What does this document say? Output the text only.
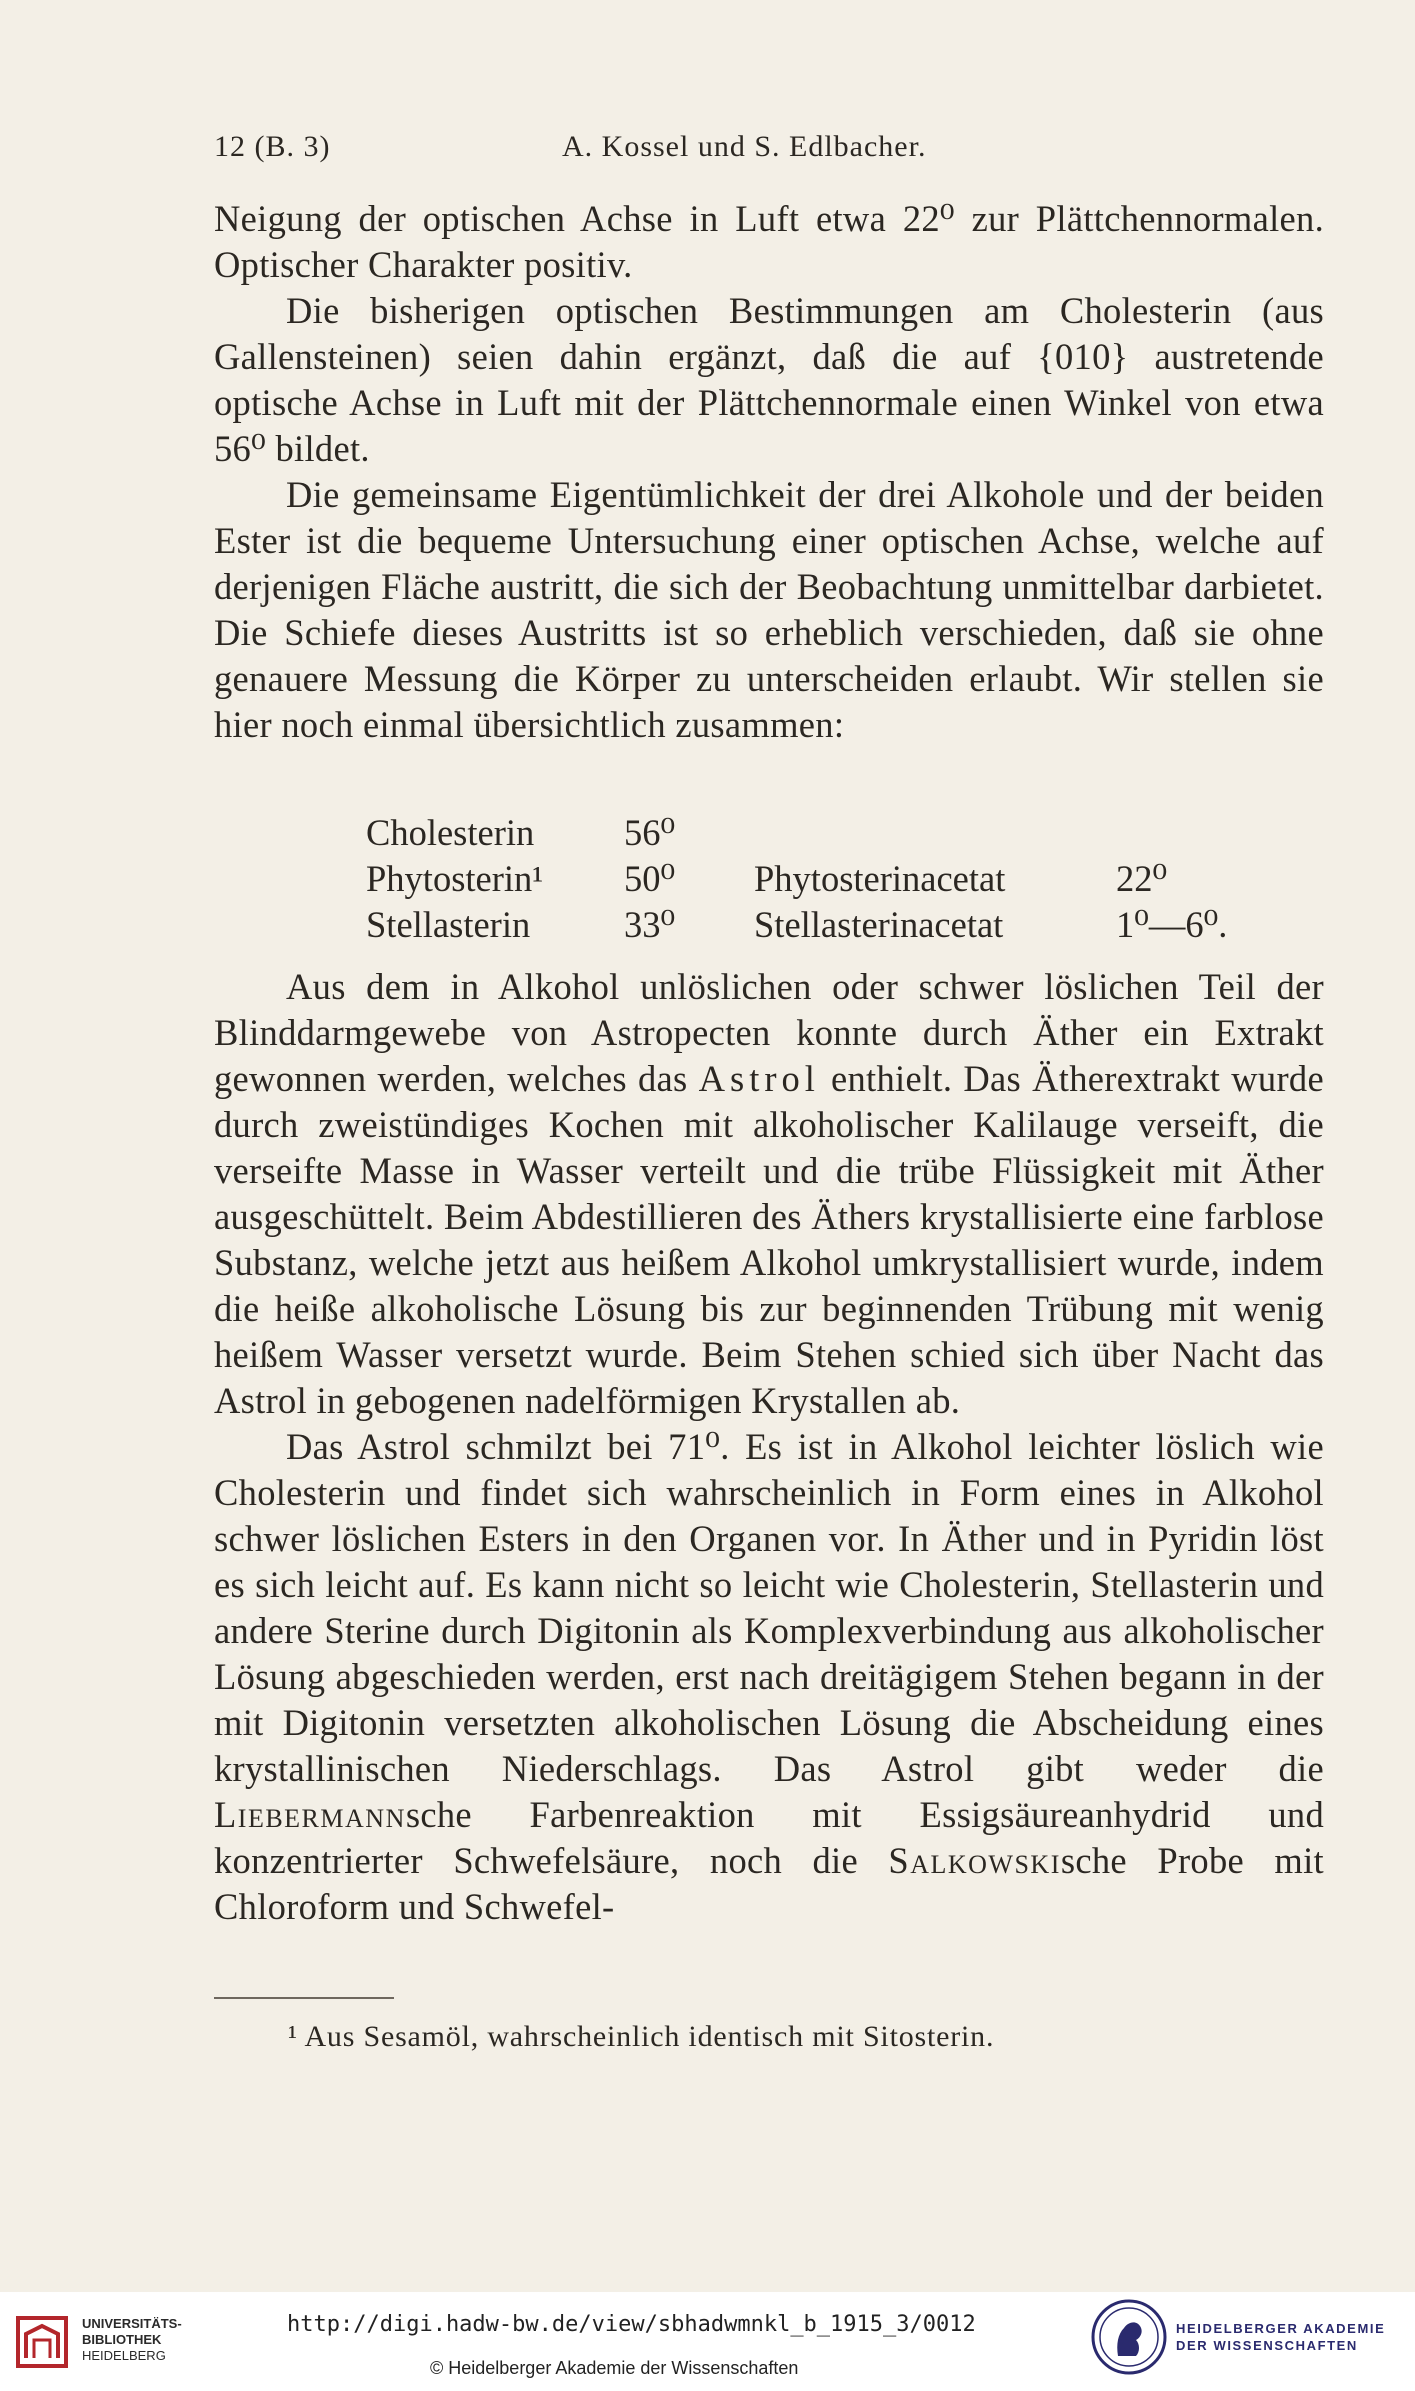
12 (B. 3)	A. Kossel und S. Edlbacher.

Neigung der optischen Achse in Luft etwa 22⁰ zur Plättchennormalen. Optischer Charakter positiv.

Die bisherigen optischen Bestimmungen am Cholesterin (aus Gallensteinen) seien dahin ergänzt, daß die auf {010} austretende optische Achse in Luft mit der Plättchennormale einen Winkel von etwa 56⁰ bildet.

Die gemeinsame Eigentümlichkeit der drei Alkohole und der beiden Ester ist die bequeme Untersuchung einer optischen Achse, welche auf derjenigen Fläche austritt, die sich der Beobachtung unmittelbar darbietet. Die Schiefe dieses Austritts ist so erheblich verschieden, daß sie ohne genauere Messung die Körper zu unterscheiden erlaubt. Wir stellen sie hier noch einmal übersichtlich zusammen:

Cholesterin 56⁰
Phytosterin¹ 50⁰ Phytosterinacetat	22⁰
Stellasterin	33⁰ Stellasterinacetat	1⁰—6⁰.

Aus dem in Alkohol unlöslichen oder schwer löslichen Teil der Blinddarmgewebe von Astropecten konnte durch Äther ein Extrakt gewonnen werden, welches das Astrol enthielt. Das Ätherextrakt wurde durch zweistündiges Kochen mit alkoholischer Kalilauge verseift, die verseifte Masse in Wasser verteilt und die trübe Flüssigkeit mit Äther ausgeschüttelt. Beim Abdestillieren des Äthers krystallisierte eine farblose Substanz, welche jetzt aus heißem Alkohol umkrystallisiert wurde, indem die heiße alkoholische Lösung bis zur beginnenden Trübung mit wenig heißem Wasser versetzt wurde. Beim Stehen schied sich über Nacht das Astrol in gebogenen nadelförmigen Krystallen ab.

Das Astrol schmilzt bei 71⁰. Es ist in Alkohol leichter löslich wie Cholesterin und findet sich wahrscheinlich in Form eines in Alkohol schwer löslichen Esters in den Organen vor. In Äther und in Pyridin löst es sich leicht auf. Es kann nicht so leicht wie Cholesterin, Stellasterin und andere Sterine durch Digitonin als Komplexverbindung aus alkoholischer Lösung abgeschieden werden, erst nach dreitägigem Stehen begann in der mit Digitonin versetzten alkoholischen Lösung die Abscheidung eines krystallinischen Niederschlags. Das Astrol gibt weder die Liebermannsche Farbenreaktion mit Essigsäureanhydrid und konzentrierter Schwefelsäure, noch die Salkowskische Probe mit Chloroform und Schwefel-

¹ Aus Sesamöl, wahrscheinlich identisch mit Sitosterin.
UNIVERSITÄTS-
BIBLIOTHEK
HEIDELBERG
http://digi.hadw-bw.de/view/sbhadwmnkl_b_1915_3/0012
© Heidelberger Akademie der Wissenschaften
HEIDELBERGER AKADEMIE
DER WISSENSCHAFTEN
